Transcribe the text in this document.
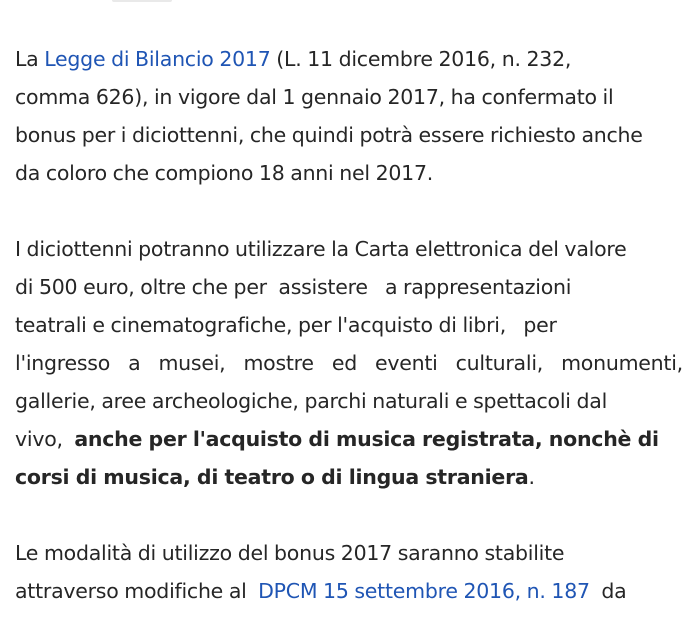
La Legge di Bilancio 2017 (L. 11 dicembre 2016, n. 232,
comma 626), in vigore dal 1 gennaio 2017, ha confermato il
bonus per i diciottenni, che quindi potrà essere richiesto anche
da coloro che compiono 18 anni nel 2017.

I diciottenni potranno utilizzare la Carta elettronica del valore
di 500 euro, oltre che per  assistere   a rappresentazioni
teatrali e cinematografiche, per l'acquisto di libri,   per
l'ingresso a musei, mostre ed eventi culturali, monumenti,
gallerie, aree archeologiche, parchi naturali e spettacoli dal
vivo,  anche per l'acquisto di musica registrata, nonchè di
corsi di musica, di teatro o di lingua straniera.

Le modalità di utilizzo del bonus 2017 saranno stabilite
attraverso modifiche al  DPCM 15 settembre 2016, n. 187  da
